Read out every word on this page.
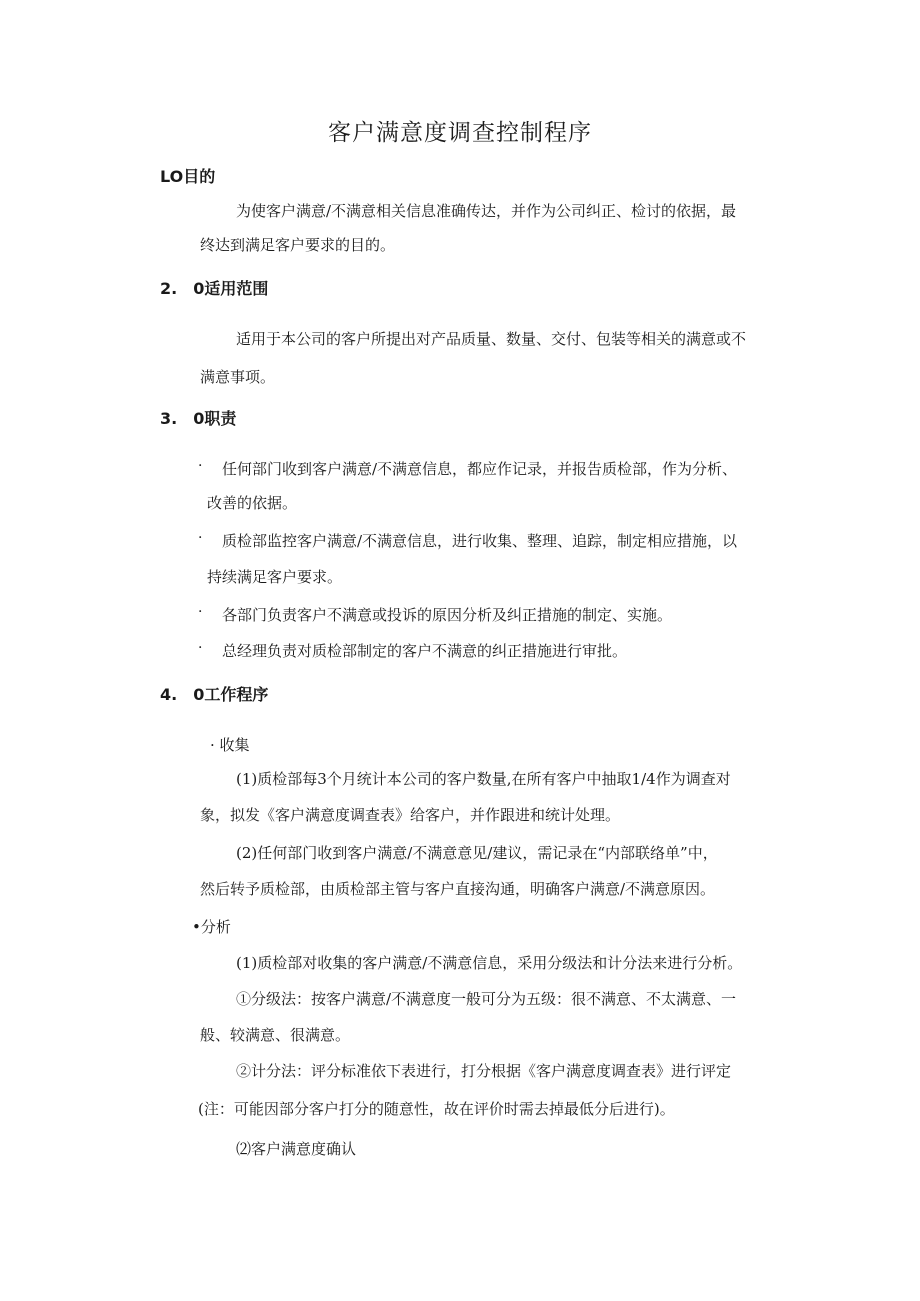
客户满意度调查控制程序
LO目的
为使客户满意/不满意相关信息准确传达，并作为公司纠正、检讨的依据，最
终达到满足客户要求的目的。
2.　0适用范围
适用于本公司的客户所提出对产品质量、数量、交付、包装等相关的满意或不
满意事项。
3.　0职责
· 任何部门收到客户满意/不满意信息，都应作记录，并报告质检部，作为分析、
改善的依据。
· 质检部监控客户满意/不满意信息，进行收集、整理、追踪，制定相应措施，以
持续满足客户要求。
· 各部门负责客户不满意或投诉的原因分析及纠正措施的制定、实施。
· 总经理负责对质检部制定的客户不满意的纠正措施进行审批。
4.　0工作程序
· 收集
(1)质检部每3个月统计本公司的客户数量,在所有客户中抽取1/4作为调查对
象，拟发《客户满意度调查表》给客户，并作跟进和统计处理。
(2)任何部门收到客户满意/不满意意见/建议，需记录在“内部联络单”中，
然后转予质检部，由质检部主管与客户直接沟通，明确客户满意/不满意原因。
•分析
(1)质检部对收集的客户满意/不满意信息，采用分级法和计分法来进行分析。
①分级法：按客户满意/不满意度一般可分为五级：很不满意、不太满意、一
般、较满意、很满意。
②计分法：评分标准依下表进行，打分根据《客户满意度调查表》进行评定
(注：可能因部分客户打分的随意性，故在评价时需去掉最低分后进行)。
⑵客户满意度确认
